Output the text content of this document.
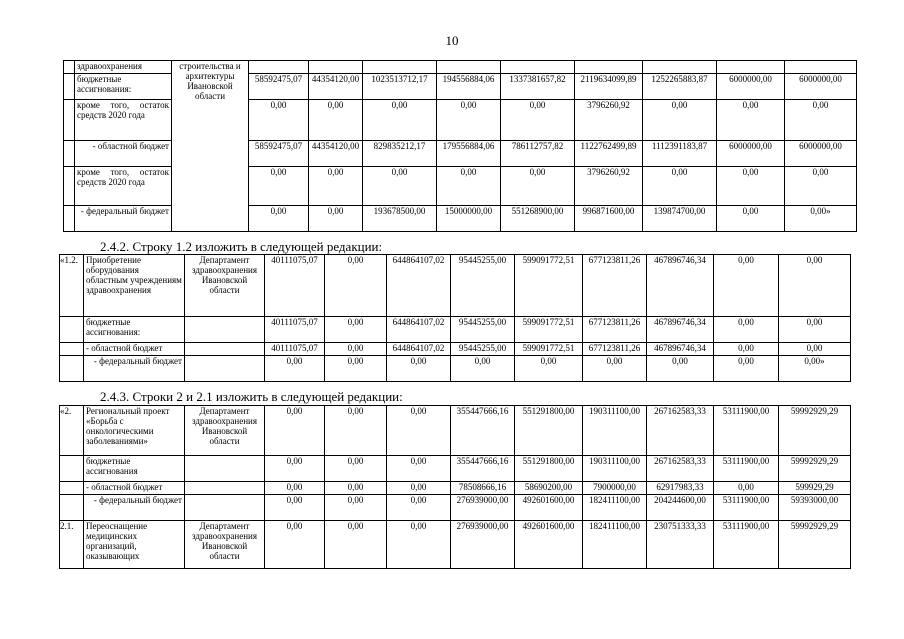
10
	здравоохранения	строительства и архитектуры Ивановской области									
	бюджетные ассигнования:		58592475,07	44354120,00	1023513712,17	194556884,06	1337381657,82	2119634099,89	1252265883,87	6000000,00	6000000,00
	кроме того, остаток средств 2020 года		0,00	0,00	0,00	0,00	0,00	3796260,92	0,00	0,00	0,00
	- областной бюджет		58592475,07	44354120,00	829835212,17	179556884,06	786112757,82	1122762499,89	1112391183,87	6000000,00	6000000,00
	кроме того, остаток средств 2020 года		0,00	0,00	0,00	0,00	0,00	3796260,92	0,00	0,00	0,00
	- федеральный бюджет		0,00	0,00	193678500,00	15000000,00	551268900,00	996871600,00	139874700,00	0,00	0,00»
2.4.2. Строку 1.2 изложить в следующей редакции:
«1.2.	Приобретение оборудования областным учреждениям здравоохранения	Департамент здравоохранения Ивановской области	40111075,07	0,00	644864107,02	95445255,00	599091772,51	677123811,26	467896746,34	0,00	0,00
	бюджетные ассигнования:		40111075,07	0,00	644864107,02	95445255,00	599091772,51	677123811,26	467896746,34	0,00	0,00
	- областной бюджет		40111075,07	0,00	644864107,02	95445255,00	599091772,51	677123811,26	467896746,34	0,00	0,00
	- федеральный бюджет		0,00	0,00	0,00	0,00	0,00	0,00	0,00	0,00	0,00»
2.4.3. Строки 2 и 2.1 изложить в следующей редакции:
«2.	Региональный проект «Борьба с онкологическими заболеваниями»	Департамент здравоохранения Ивановской области	0,00	0,00	0,00	355447666,16	551291800,00	190311100,00	267162583,33	53111900,00	59992929,29
	бюджетные ассигнования		0,00	0,00	0,00	355447666,16	551291800,00	190311100,00	267162583,33	53111900,00	59992929,29
	- областной бюджет		0,00	0,00	0,00	78508666,16	58690200,00	7900000,00	62917983,33	0,00	599929,29
	- федеральный бюджет		0,00	0,00	0,00	276939000,00	492601600,00	182411100,00	204244600,00	53111900,00	59393000,00
2.1.	Переоснащение медицинских организаций, оказывающих	Департамент здравоохранения Ивановской области	0,00	0,00	0,00	276939000,00	492601600,00	182411100,00	230751333,33	53111900,00	59992929,29
